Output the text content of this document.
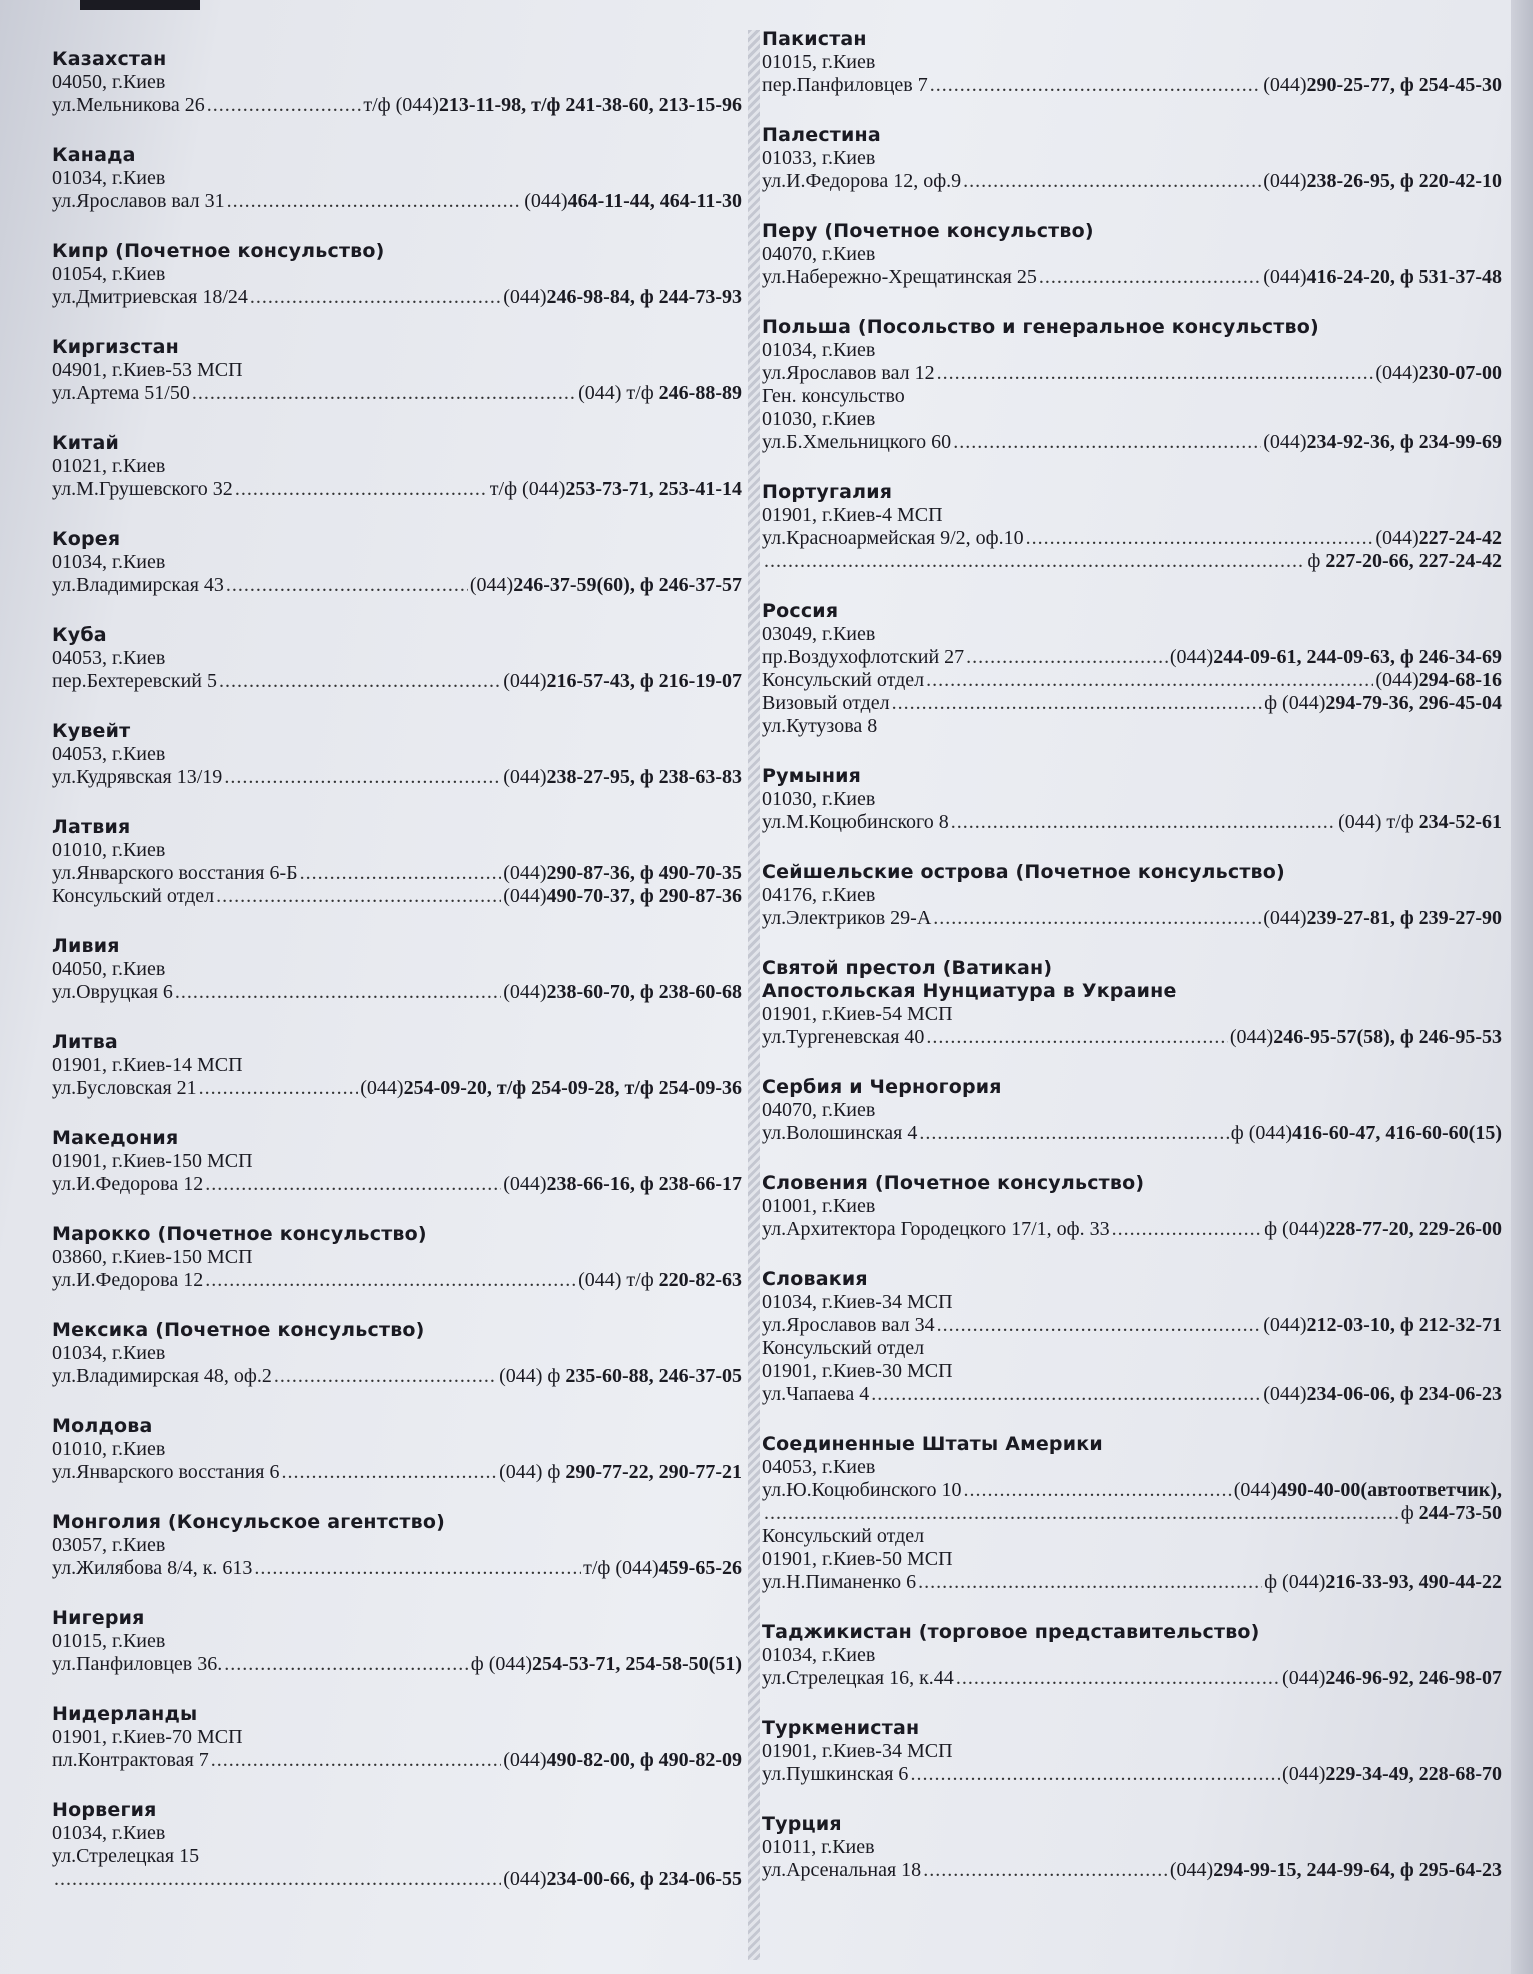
Казахстан
04050, г.Киев
ул.Мельникова 26 .....	т/ф (044)213-11-98, т/ф 241-38-60, 213-15-96
Канада
01034, г.Киев
ул.Ярославов вал 31 .....	(044)464-11-44, 464-11-30
Кипр (Почетное консульство)
01054, г.Киев
ул.Дмитриевская 18/24 .....	(044)246-98-84, ф 244-73-93
Киргизстан
04901, г.Киев-53 МСП
ул.Артема 51/50 .....	(044) т/ф 246-88-89
Китай
01021, г.Киев
ул.М.Грушевского 32 .....	т/ф (044)253-73-71, 253-41-14
Корея
01034, г.Киев
ул.Владимирская 43 .....	(044)246-37-59(60), ф 246-37-57
Куба
04053, г.Киев
пер.Бехтеревский 5 .....	(044)216-57-43, ф 216-19-07
Кувейт
04053, г.Киев
ул.Кудрявская 13/19 .....	(044)238-27-95, ф 238-63-83
Латвия
01010, г.Киев
ул.Январского восстания 6-Б .....	(044)290-87-36, ф 490-70-35
Консульский отдел .....	(044)490-70-37, ф 290-87-36
Ливия
04050, г.Киев
ул.Овруцкая 6 .....	(044)238-60-70, ф 238-60-68
Литва
01901, г.Киев-14 МСП
ул.Бусловская 21 .....	(044)254-09-20, т/ф 254-09-28, т/ф 254-09-36
Македония
01901, г.Киев-150 МСП
ул.И.Федорова 12 .....	(044)238-66-16, ф 238-66-17
Марокко (Почетное консульство)
03860, г.Киев-150 МСП
ул.И.Федорова 12 .....	(044) т/ф 220-82-63
Мексика (Почетное консульство)
01034, г.Киев
ул.Владимирская 48, оф.2 .....	(044) ф 235-60-88, 246-37-05
Молдова
01010, г.Киев
ул.Январского восстания 6 .....	(044) ф 290-77-22, 290-77-21
Монголия (Консульское агентство)
03057, г.Киев
ул.Жилябова 8/4, к. 613 .....	т/ф (044)459-65-26
Нигерия
01015, г.Киев
ул.Панфиловцев 36. .....	ф (044)254-53-71, 254-58-50(51)
Нидерланды
01901, г.Киев-70 МСП
пл.Контрактовая 7 .....	(044)490-82-00, ф 490-82-09
Норвегия
01034, г.Киев
ул.Стрелецкая 15
.....
(044)234-00-66, ф 234-06-55
Пакистан
01015, г.Киев
пер.Панфиловцев 7 .....	(044)290-25-77, ф 254-45-30
Палестина
01033, г.Киев
ул.И.Федорова 12, оф.9 .....	(044)238-26-95, ф 220-42-10
Перу (Почетное консульство)
04070, г.Киев
ул.Набережно-Хрещатинская 25 .....	(044)416-24-20, ф 531-37-48
Польша (Посольство и генеральное консульство)
01034, г.Киев
ул.Ярославов вал 12 .....	(044)230-07-00
Ген. консульство
01030, г.Киев
ул.Б.Хмельницкого 60 .....	(044)234-92-36, ф 234-99-69
Португалия
01901, г.Киев-4 МСП
ул.Красноармейская 9/2, оф.10 .....	(044)227-24-42
.....
ф 227-20-66, 227-24-42
Россия
03049, г.Киев
пр.Воздухофлотский 27 .....	(044)244-09-61, 244-09-63, ф 246-34-69
Консульский отдел .....	(044)294-68-16
Визовый отдел .....	ф (044)294-79-36, 296-45-04
ул.Кутузова 8
Румыния
01030, г.Киев
ул.М.Коцюбинского 8 .....	(044) т/ф 234-52-61
Сейшельские острова (Почетное консульство)
04176, г.Киев
ул.Электриков 29-А .....	(044)239-27-81, ф 239-27-90
Святой престол (Ватикан)
Апостольская Нунциатура в Украине
01901, г.Киев-54 МСП
ул.Тургеневская 40 .....	(044)246-95-57(58), ф 246-95-53
Сербия и Черногория
04070, г.Киев
ул.Волошинская 4 .....	ф (044)416-60-47, 416-60-60(15)
Словения (Почетное консульство)
01001, г.Киев
ул.Архитектора Городецкого 17/1, оф. 33 .....	ф (044)228-77-20, 229-26-00
Словакия
01034, г.Киев-34 МСП
ул.Ярославов вал 34 .....	(044)212-03-10, ф 212-32-71
Консульский отдел
01901, г.Киев-30 МСП
ул.Чапаева 4 .....	(044)234-06-06, ф 234-06-23
Соединенные Штаты Америки
04053, г.Киев
ул.Ю.Коцюбинского 10 .....	(044)490-40-00(автоответчик),
.....
ф 244-73-50
Консульский отдел
01901, г.Киев-50 МСП
ул.Н.Пиманенко 6 .....	ф (044)216-33-93, 490-44-22
Таджикистан (торговое представительство)
01034, г.Киев
ул.Стрелецкая 16, к.44 .....	(044)246-96-92, 246-98-07
Туркменистан
01901, г.Киев-34 МСП
ул.Пушкинская 6 .....	(044)229-34-49, 228-68-70
Турция
01011, г.Киев
ул.Арсенальная 18 .....	(044)294-99-15, 244-99-64, ф 295-64-23
